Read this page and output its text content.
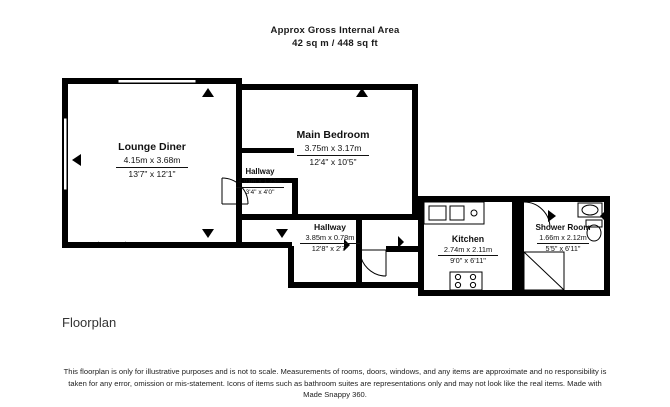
Approx Gross Internal Area
42 sq m / 448 sq ft
Lounge Diner
4.15m x 3.68m
13'7" x 12'1"
Main Bedroom
3.75m x 3.17m
12'4" x 10'5"
Hallway
1.01m x 1.23m
3'4" x 4'0"
Hallway
3.85m x 0.78m
12'8" x 2'7"
Kitchen
2.74m x 2.11m
9'0" x 6'11"
Shower Room
1.66m x 2.12m
5'5" x 6'11"
Floorplan
This floorplan is only for illustrative purposes and is not to scale. Measurements of rooms, doors, windows, and any items are approximate and no responsibility is taken for any error, omission or mis-statement. Icons of items such as bathroom suites are representations only and may not look like the real items. Made with Made Snappy 360.
